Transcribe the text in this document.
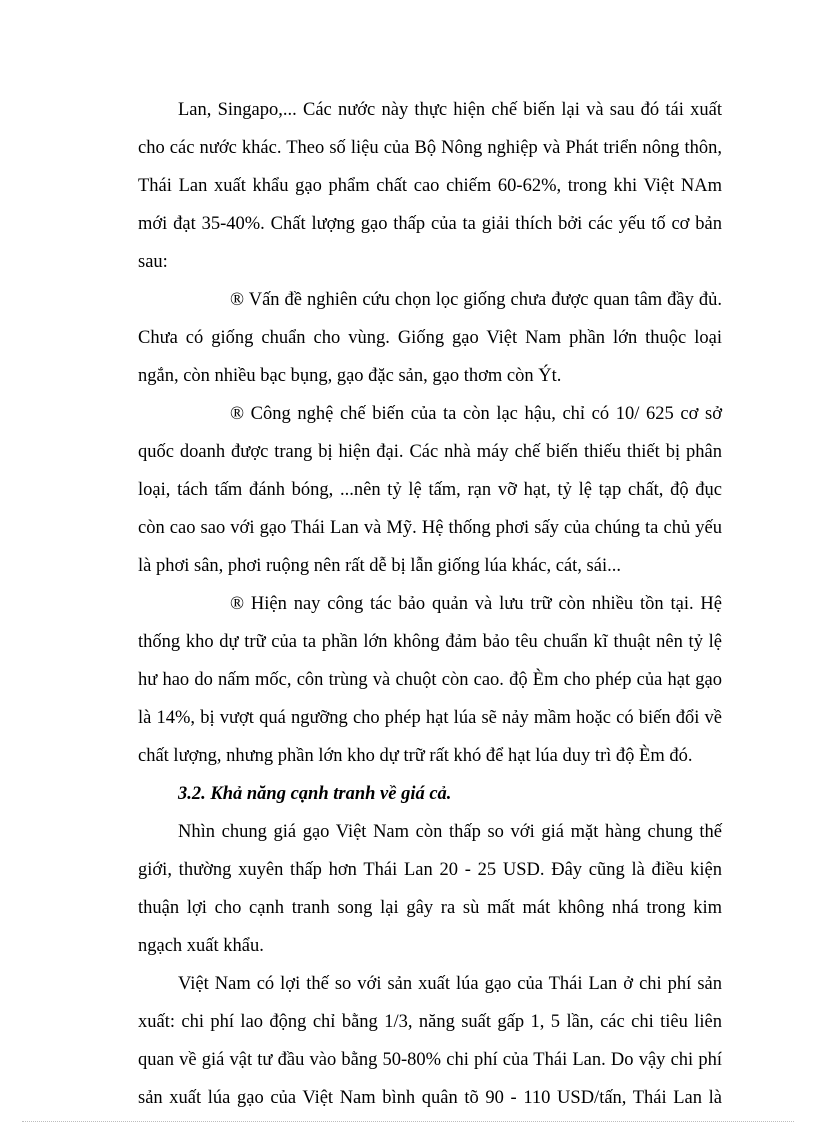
Lan, Singapo,... Các nước này thực hiện chế biến lại và sau đó tái xuất
cho các nước khác. Theo số liệu của Bộ Nông nghiệp và Phát triển nông thôn,
Thái Lan xuất khẩu gạo phẩm chất cao chiếm 60-62%, trong khi Việt NAm
mới đạt 35-40%. Chất lượng gạo thấp của ta giải thích bởi các yếu tố cơ bản
sau:
® Vấn đề nghiên cứu chọn lọc giống chưa được quan tâm đầy đủ.
Chưa có giống chuẩn cho vùng. Giống gạo Việt Nam phần lớn thuộc loại
ngắn, còn nhiều bạc bụng, gạo đặc sản, gạo thơm còn Ýt.
® Công nghệ chế biến của ta còn lạc hậu, chỉ có 10/ 625 cơ sở
quốc doanh được trang bị hiện đại. Các nhà máy chế biến thiếu thiết bị phân
loại, tách tấm đánh bóng, ...nên tỷ lệ tấm, rạn vỡ hạt, tỷ lệ tạp chất, độ đục
còn cao sao với gạo Thái Lan và Mỹ. Hệ thống phơi sấy của chúng ta chủ yếu
là phơi sân, phơi ruộng nên rất dễ bị lẫn giống lúa khác, cát, sái...
® Hiện nay công tác bảo quản và lưu trữ còn nhiều tồn tại. Hệ
thống kho dự trữ của ta phần lớn không đảm bảo têu chuẩn kĩ thuật nên tỷ lệ
hư hao do nấm mốc, côn trùng và chuột còn cao. độ Èm cho phép của hạt gạo
là 14%, bị vượt quá ngưỡng cho phép hạt lúa sẽ nảy mầm hoặc có biến đổi về
chất lượng, nhưng phần lớn kho dự trữ rất khó để hạt lúa duy trì độ Èm đó.
3.2. Khả năng cạnh tranh về giá cả.
Nhìn chung giá gạo Việt Nam còn thấp so với giá mặt hàng chung thế
giới, thường xuyên thấp hơn Thái Lan 20 - 25 USD. Đây cũng là điều kiện
thuận lợi cho cạnh tranh song lại gây ra sù mất mát không nhá trong kim
ngạch xuất khẩu.
Việt Nam có lợi thế so với sản xuất lúa gạo của Thái Lan ở chi phí sản
xuất: chi phí lao động chỉ bằng 1/3, năng suất gấp 1, 5 lần, các chi tiêu liên
quan về giá vật tư đầu vào bằng 50-80% chi phí của Thái Lan. Do vậy chi phí
sản xuất lúa gạo của Việt Nam bình quân tõ 90 - 110 USD/tấn, Thái Lan là
